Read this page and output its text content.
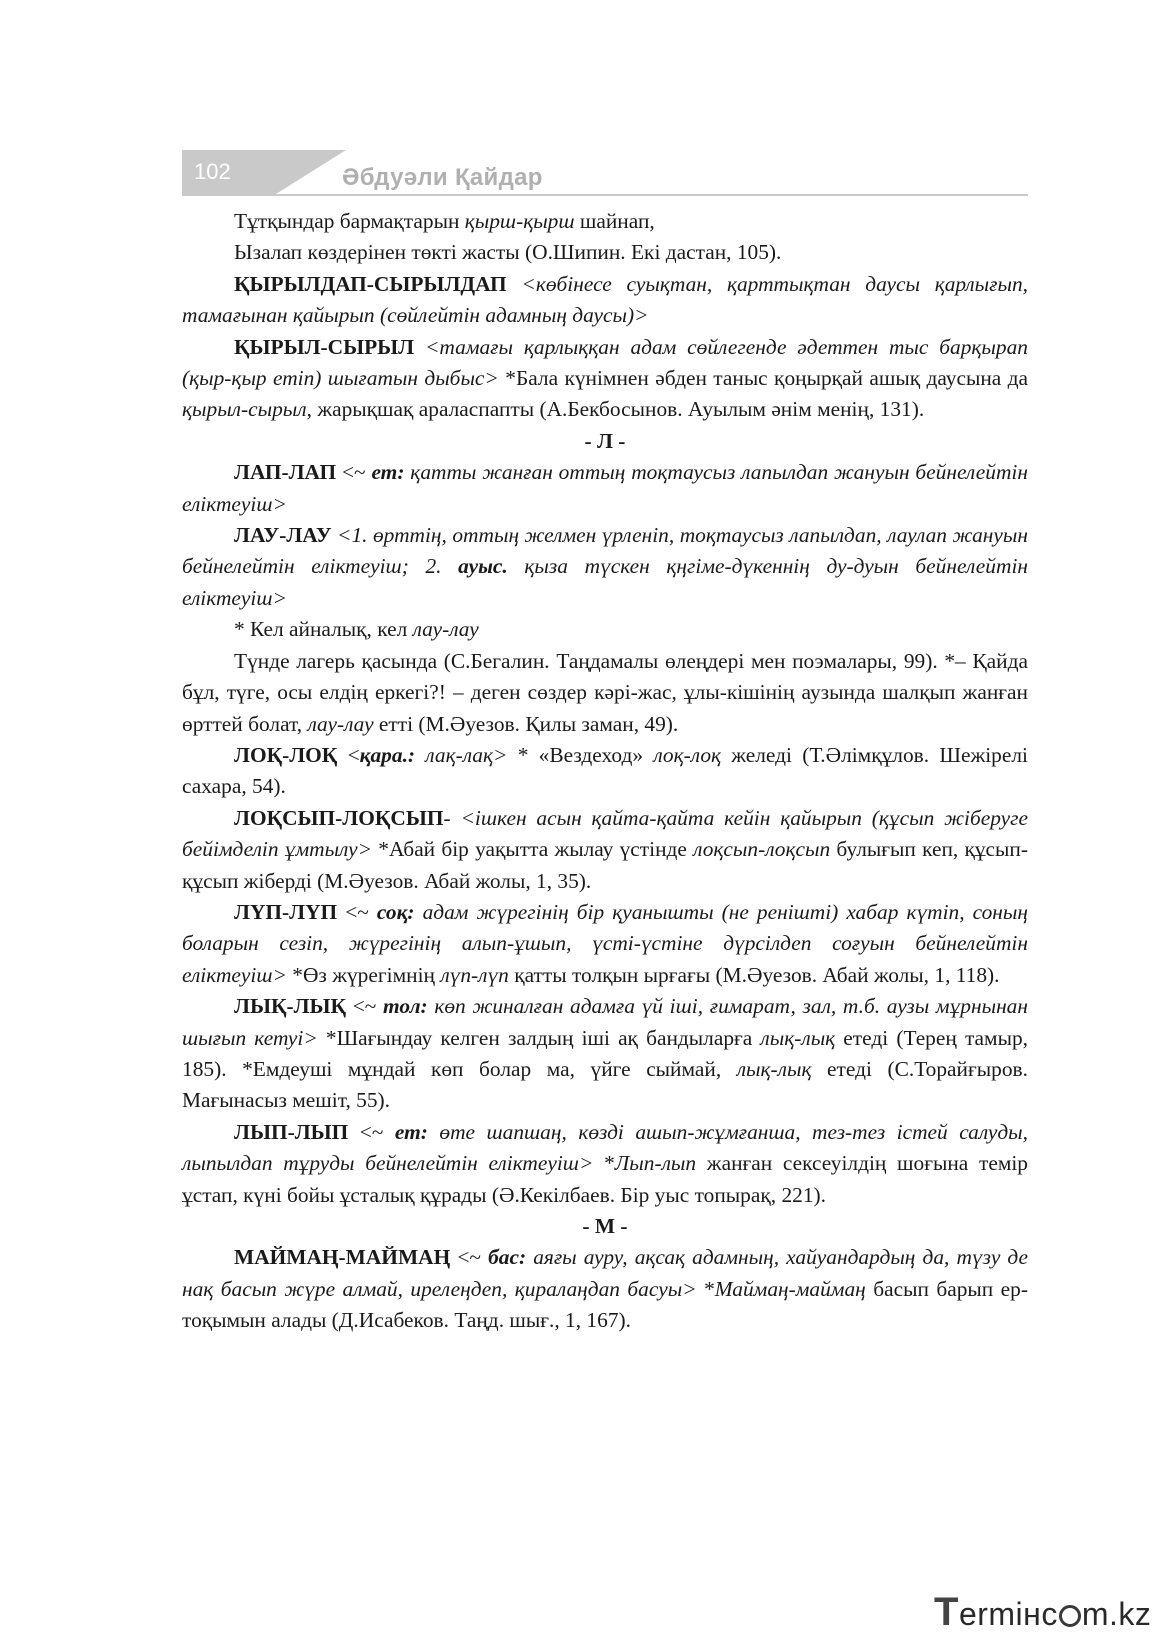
102	Әбдуәли Қайдар

Тұтқындар бармақтарын қырш-қырш шайнап,

Ызалап көздерінен төкті жасты (О.Шипин. Екі дастан, 105).

ҚЫРЫЛДАП-СЫРЫЛДАП <көбінесе суықтан, қарттықтан даусы қарлығып, тамағынан қайырып (сөйлейтін адамның даусы)>

ҚЫРЫЛ-СЫРЫЛ <тамағы қарлыққан адам сөйлегенде әдеттен тыс барқырап (қыр-қыр етіп) шығатын дыбыс> *Бала күнімнен әбден таныс қоңырқай ашық даусына да қырыл-сырыл, жарықшақ араласпапты (А.Бекбосынов. Ауылым әнім менің, 131).

- Л -

ЛАП-ЛАП <~ ет: қатты жанған оттың тоқтаусыз лапылдап жануын бейнелейтін еліктеуіш>

ЛАУ-ЛАУ <1. өрттің, оттың желмен үрленіп, тоқтаусыз лапылдап, лаулап жануын бейнелейтін еліктеуіш; 2. ауыс. қыза түскен қңгіме-дүкеннің ду-дуын бейнелейтін еліктеуіш>

* Кел айналық, кел лау-лау

Түнде лагерь қасында (С.Бегалин. Таңдамалы өлеңдері мен поэмалары, 99). *– Қайда бұл, түге, осы елдің еркегі?! – деген сөздер кәрі-жас, ұлы-кішінің аузында шалқып жанған өрттей болат, лау-лау етті (М.Әуезов. Қилы заман, 49).

ЛОҚ-ЛОҚ <қара.: лақ-лақ> * «Вездеход» лоқ-лоқ желеді (Т.Әлімқұлов. Шежірелі сахара, 54).

ЛОҚСЫП-ЛОҚСЫП- <ішкен асын қайта-қайта кейін қайырып (құсып жіберуге бейімделіп ұмтылу> *Абай бір уақытта жылау үстінде лоқсып-лоқсып булығып кеп, құсып-құсып жіберді (М.Әуезов. Абай жолы, 1, 35).

ЛҮП-ЛҮП <~ соқ: адам жүрегінің бір қуанышты (не реніштi) хабар күтіп, соның боларын сезіп, жүрегінің алып-ұшып, үсті-үстіне дүрсілдеп соғуын бейнелейтін еліктеуіш> *Өз жүрегімнің лүп-лүп қатты толқын ырғағы (М.Әуезов. Абай жолы, 1, 118).

ЛЫҚ-ЛЫҚ <~ тол: көп жиналған адамға үй іші, ғимарат, зал, т.б. аузы мұрнынан шығып кетуі> *Шағындау келген залдың іші ақ бандыларға лық-лық етеді (Терең тамыр, 185). *Емдеуші мұндай көп болар ма, үйге сыймай, лық-лық етеді (С.Торайғыров. Мағынасыз мешіт, 55).

ЛЫП-ЛЫП <~ ет: өте шапшаң, көзді ашып-жұмғанша, тез-тез істей салуды, лыпылдап тұруды бейнелейтін еліктеуіш> *Лып-лып жанған сексеуілдің шоғына темір ұстап, күні бойы ұсталық құрады (Ә.Кекілбаев. Бір уыс топырақ, 221).

- М -

МАЙМАҢ-МАЙМАҢ <~ бас: аяғы ауру, ақсақ адамның, хайуандардың да, түзу де нақ басып жүре алмай, ирелеңдеп, қиралаңдап басуы> *Маймаң-маймаң басып барып ер-тоқымын алады (Д.Исабеков. Таңд. шығ., 1, 167).

Тermінc m.kz
